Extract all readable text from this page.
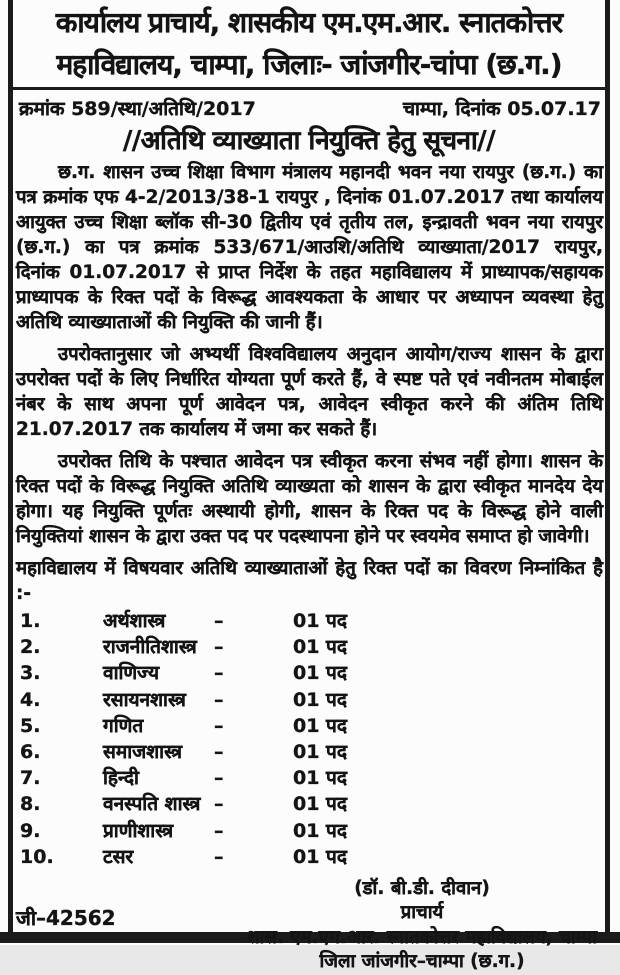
कार्यालय प्राचार्य, शासकीय एम.एम.आर. स्नातकोत्तर
महाविद्यालय, चाम्पा, जिलाः- जांजगीर-चांपा (छ.ग.)
क्रमांक 589/स्था/अतिथि/2017	चाम्पा, दिनांक 05.07.17
//अतिथि व्याख्याता नियुक्ति हेतु सूचना//

छ.ग. शासन उच्च शिक्षा विभाग मंत्रालय महानदी भवन नया रायपुर (छ.ग.) का पत्र क्रमांक एफ 4-2/2013/38-1 रायपुर , दिनांक 01.07.2017 तथा कार्यालय आयुक्त उच्च शिक्षा ब्लॉक सी-30 द्वितीय एवं तृतीय तल, इन्द्रावती भवन नया रायपुर (छ.ग.) का पत्र क्रमांक 533/671/आउशि/अतिथि व्याख्याता/2017 रायपुर, दिनांक 01.07.2017 से प्राप्त निर्देश के तहत महाविद्यालय में प्राध्यापक/सहायक प्राध्यापक के रिक्त पदों के विरूद्ध आवश्यकता के आधार पर अध्यापन व्यवस्था हेतु अतिथि व्याख्याताओं की नियुक्ति की जानी हैं।

उपरोक्तानुसार जो अभ्यर्थी विश्वविद्यालय अनुदान आयोग/राज्य शासन के द्वारा उपरोक्त पदों के लिए निर्धारित योग्यता पूर्ण करते हैं, वे स्पष्ट पते एवं नवीनतम मोबाईल नंबर के साथ अपना पूर्ण आवेदन पत्र, आवेदन स्वीकृत करने की अंतिम तिथि 21.07.2017 तक कार्यालय में जमा कर सकते हैं।

उपरोक्त तिथि के पश्चात आवेदन पत्र स्वीकृत करना संभव नहीं होगा। शासन के रिक्त पदों के विरूद्ध नियुक्ति अतिथि व्याख्यता को शासन के द्वारा स्वीकृत मानदेय देय होगा। यह नियुक्ति पूर्णतः अस्थायी होगी, शासन के रिक्त पद के विरूद्ध होने वाली नियुक्तियां शासन के द्वारा उक्त पद पर पदस्थापना होने पर स्वयमेव समाप्त हो जावेगी।

महाविद्यालय में विषयवार अतिथि व्याख्याताओं हेतु रिक्त पदों का विवरण निम्नांकित है :-

1.	अर्थशास्त्र	–	01 पद
2.	राजनीतिशास्त्र –	01 पद
3.	वाणिज्य	–	01 पद
4.	रसायनशास्त्र –	01 पद
5.	गणित	–	01 पद
6.	समाजशास्त्र –	01 पद
7.	हिन्दी	–	01 पद
8.	वनस्पति शास्त्र –	01 पद
9.	प्राणीशास्त्र –	01 पद
10.	टसर	–	01 पद
(डॉ. बी.डी. दीवान)
प्राचार्य
शास. एम.एम.आर. स्नातकोत्तर महाविद्यालय, चाम्पा
जिला जांजगीर–चाम्पा (छ.ग.)
जी–42562
